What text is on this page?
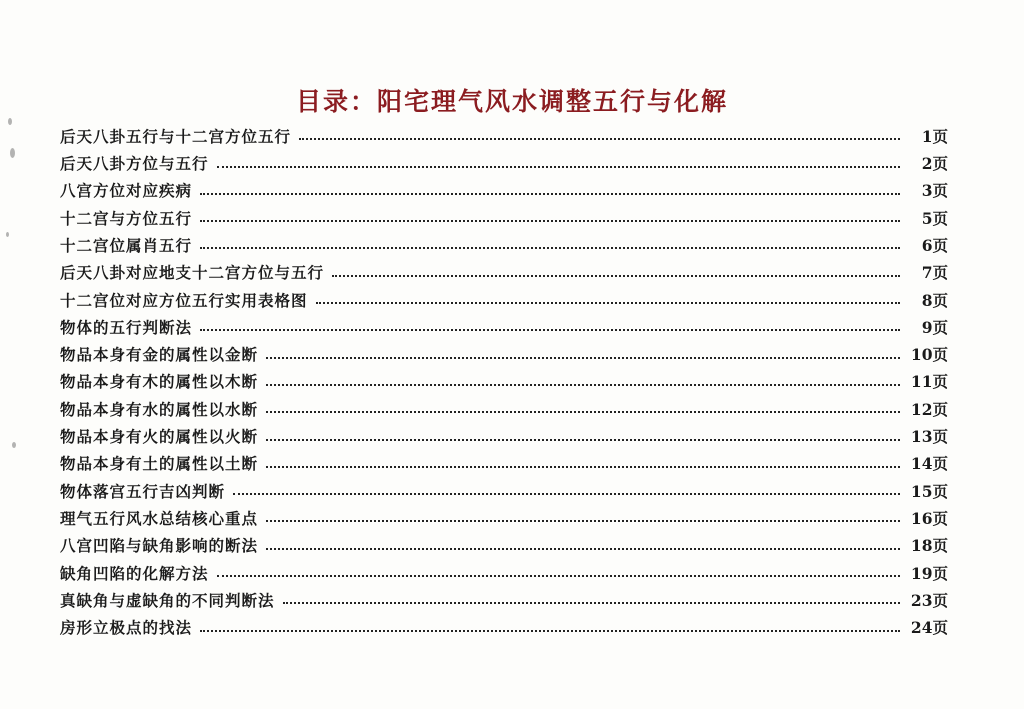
目录：阳宅理气风水调整五行与化解
后天八卦五行与十二宫方位五行	1页
后天八卦方位与五行	2页
八宫方位对应疾病	3页
十二宫与方位五行	5页
十二宫位属肖五行	6页
后天八卦对应地支十二宫方位与五行	7页
十二宫位对应方位五行实用表格图	8页
物体的五行判断法	9页
物品本身有金的属性以金断	10页
物品本身有木的属性以木断	11页
物品本身有水的属性以水断	12页
物品本身有火的属性以火断	13页
物品本身有土的属性以土断	14页
物体落宫五行吉凶判断	15页
理气五行风水总结核心重点	16页
八宫凹陷与缺角影响的断法	18页
缺角凹陷的化解方法	19页
真缺角与虚缺角的不同判断法	23页
房形立极点的找法	24页
